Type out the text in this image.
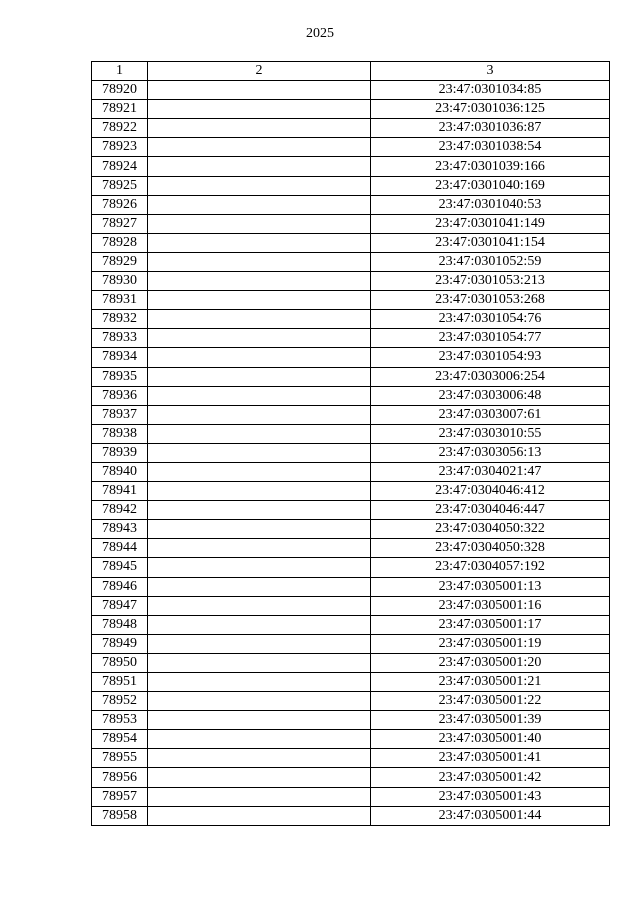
2025
1	2	3
78920		23:47:0301034:85
78921		23:47:0301036:125
78922		23:47:0301036:87
78923		23:47:0301038:54
78924		23:47:0301039:166
78925		23:47:0301040:169
78926		23:47:0301040:53
78927		23:47:0301041:149
78928		23:47:0301041:154
78929		23:47:0301052:59
78930		23:47:0301053:213
78931		23:47:0301053:268
78932		23:47:0301054:76
78933		23:47:0301054:77
78934		23:47:0301054:93
78935		23:47:0303006:254
78936		23:47:0303006:48
78937		23:47:0303007:61
78938		23:47:0303010:55
78939		23:47:0303056:13
78940		23:47:0304021:47
78941		23:47:0304046:412
78942		23:47:0304046:447
78943		23:47:0304050:322
78944		23:47:0304050:328
78945		23:47:0304057:192
78946		23:47:0305001:13
78947		23:47:0305001:16
78948		23:47:0305001:17
78949		23:47:0305001:19
78950		23:47:0305001:20
78951		23:47:0305001:21
78952		23:47:0305001:22
78953		23:47:0305001:39
78954		23:47:0305001:40
78955		23:47:0305001:41
78956		23:47:0305001:42
78957		23:47:0305001:43
78958		23:47:0305001:44
